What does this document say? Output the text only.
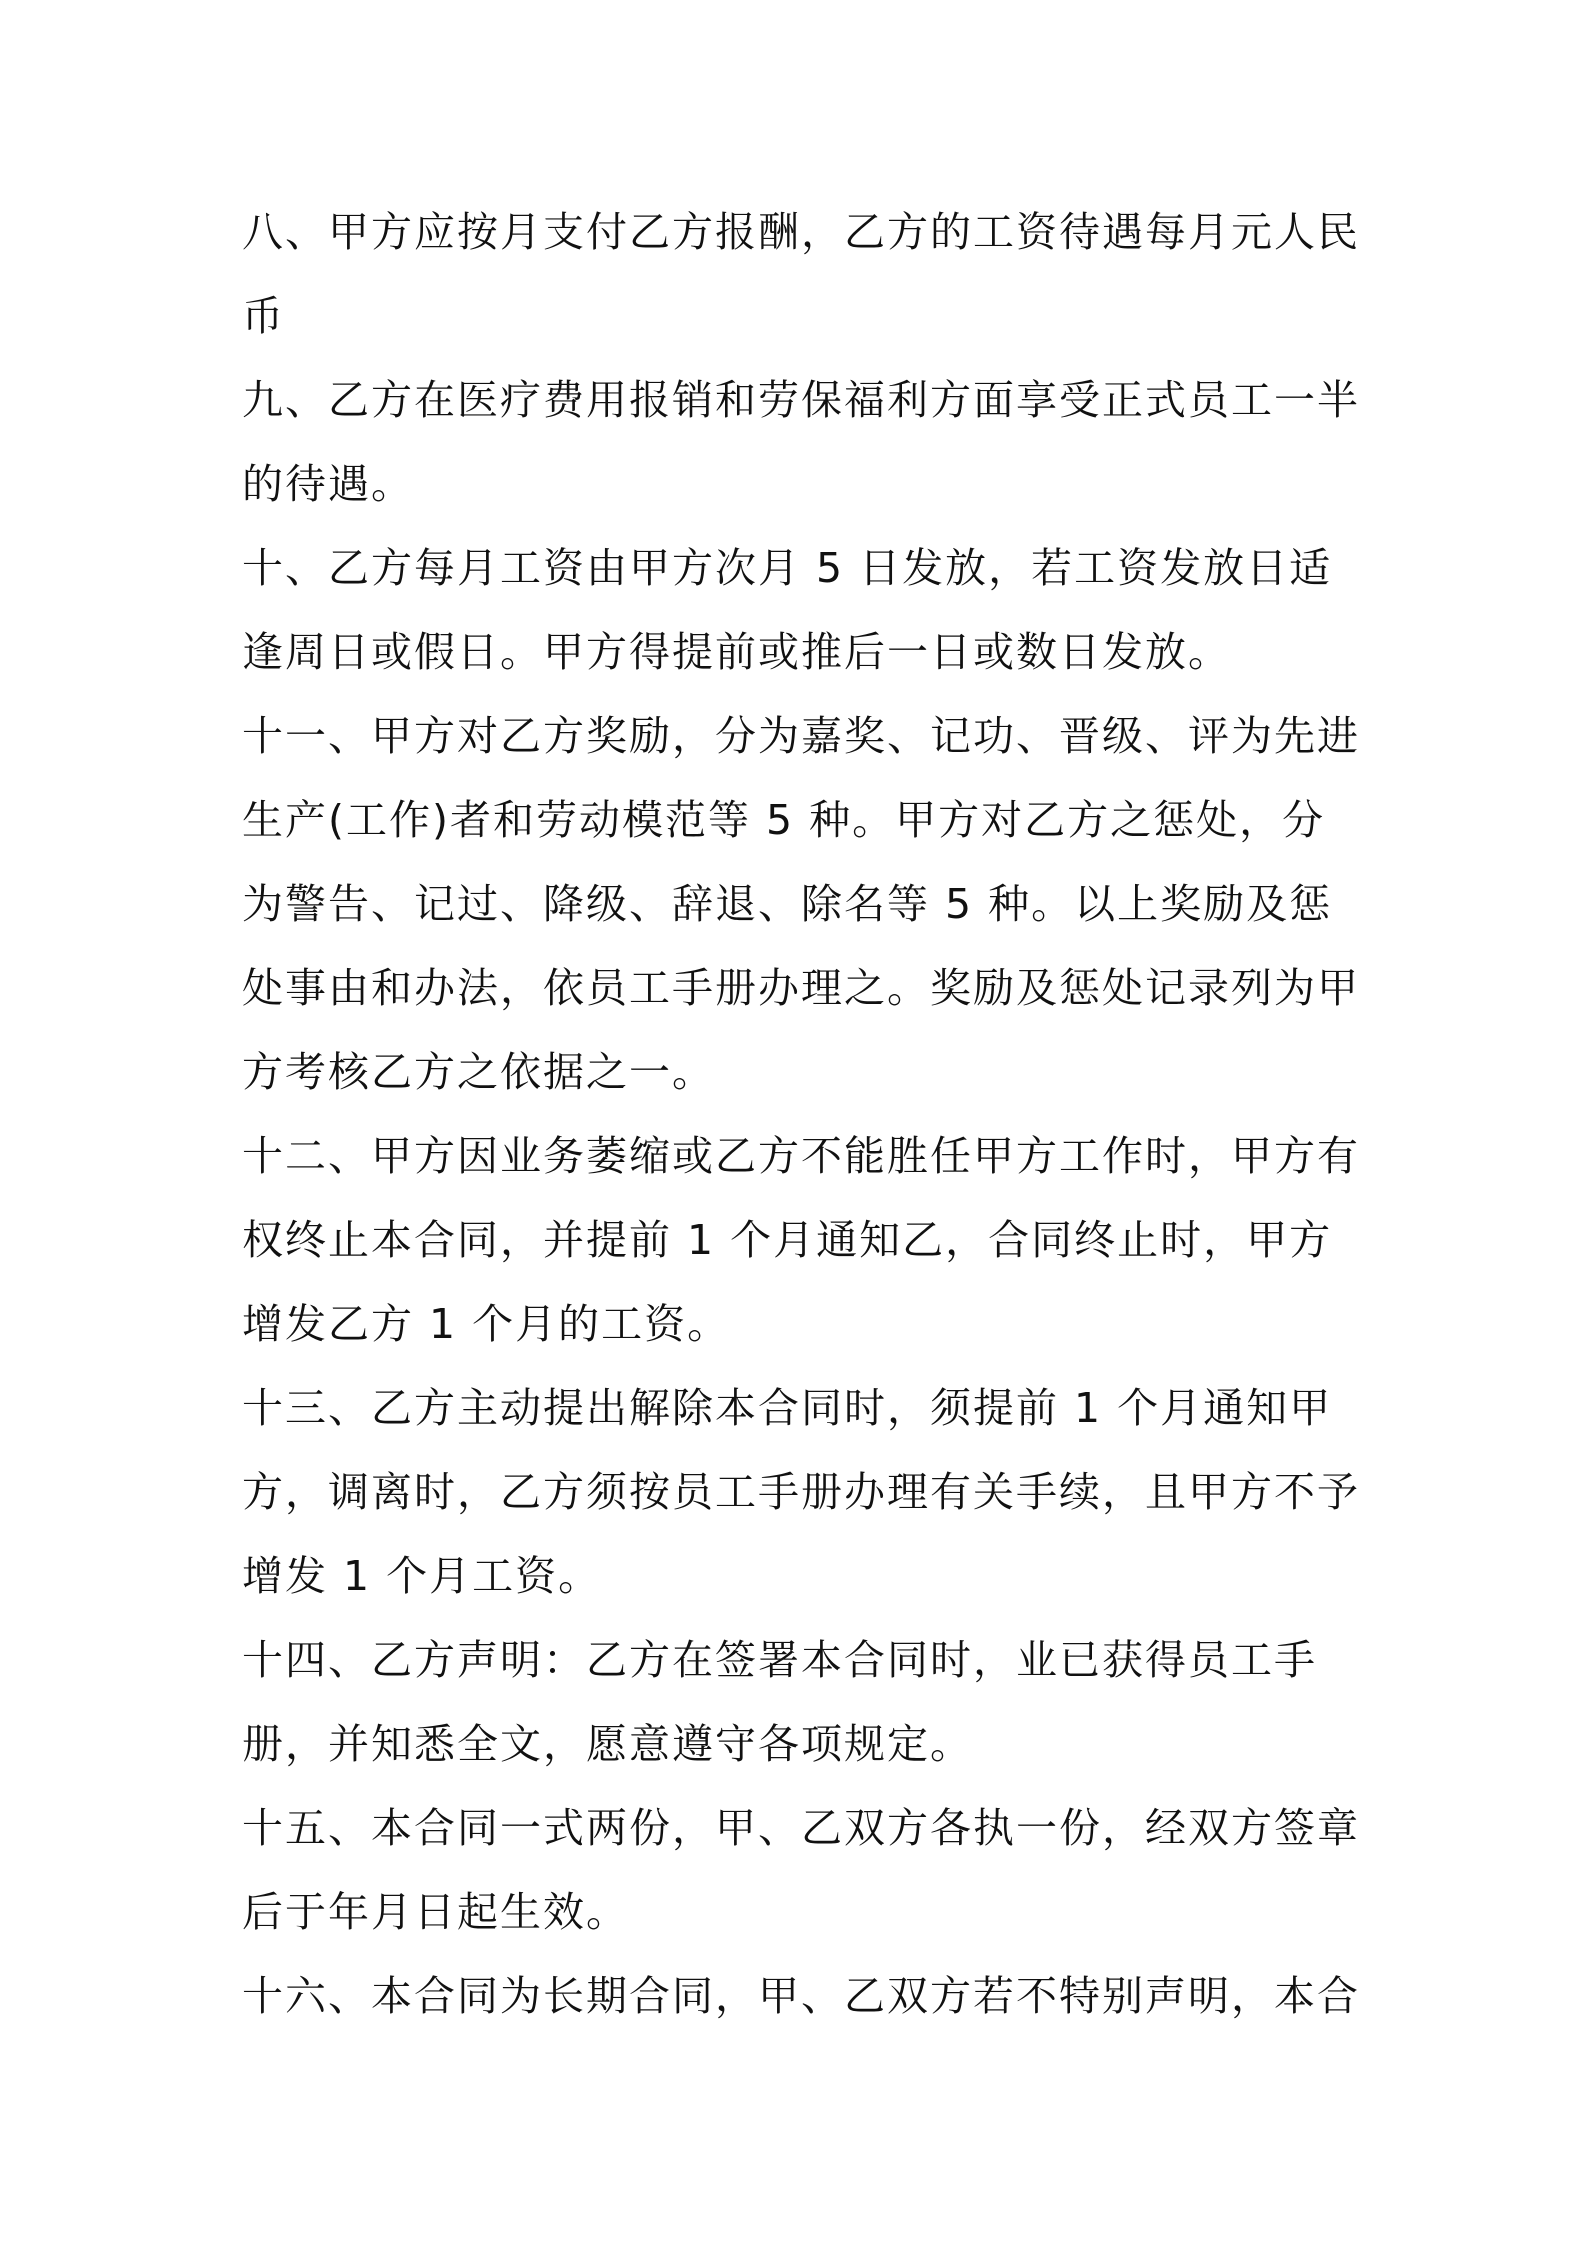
八、甲方应按月支付乙方报酬，乙方的工资待遇每月元人民币

九、乙方在医疗费用报销和劳保福利方面享受正式员工一半的待遇。

十、乙方每月工资由甲方次月 5 日发放，若工资发放日适逢周日或假日。甲方得提前或推后一日或数日发放。

十一、甲方对乙方奖励，分为嘉奖、记功、晋级、评为先进生产(工作)者和劳动模范等 5 种。甲方对乙方之惩处，分为警告、记过、降级、辞退、除名等 5 种。以上奖励及惩处事由和办法，依员工手册办理之。奖励及惩处记录列为甲方考核乙方之依据之一。

十二、甲方因业务萎缩或乙方不能胜任甲方工作时，甲方有权终止本合同，并提前 1 个月通知乙，合同终止时，甲方增发乙方 1 个月的工资。

十三、乙方主动提出解除本合同时，须提前 1 个月通知甲方，调离时，乙方须按员工手册办理有关手续，且甲方不予增发 1 个月工资。

十四、乙方声明：乙方在签署本合同时，业已获得员工手册，并知悉全文，愿意遵守各项规定。

十五、本合同一式两份，甲、乙双方各执一份，经双方签章后于年月日起生效。

十六、本合同为长期合同，甲、乙双方若不特别声明，本合
